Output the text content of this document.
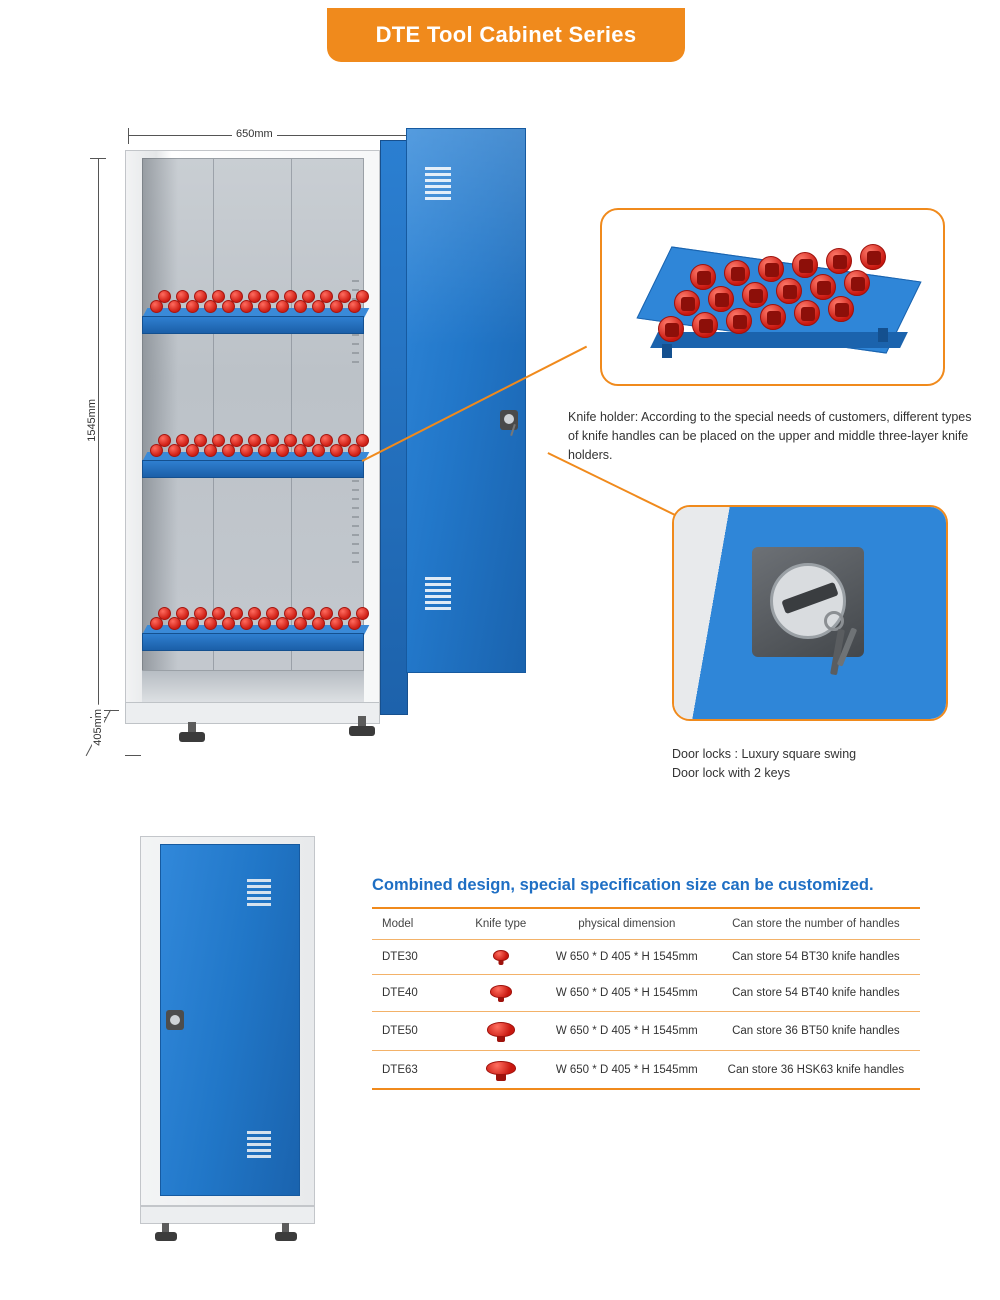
DTE Tool Cabinet Series
650mm
1545mm
405mm
Knife holder: According to the special needs of customers, different types of knife handles can be placed on the upper and middle three-layer knife holders.
Door locks : Luxury square swing
Door lock with 2 keys
Combined design, special specification size can be customized.
Model	Knife type	physical dimension	Can store the number of handles
DTE30		W 650 * D 405 * H 1545mm	Can store 54 BT30 knife handles
DTE40		W 650 * D 405 * H 1545mm	Can store 54 BT40 knife handles
DTE50		W 650 * D 405 * H 1545mm	Can store 36 BT50 knife handles
DTE63		W 650 * D 405 * H 1545mm	Can store 36 HSK63 knife handles
